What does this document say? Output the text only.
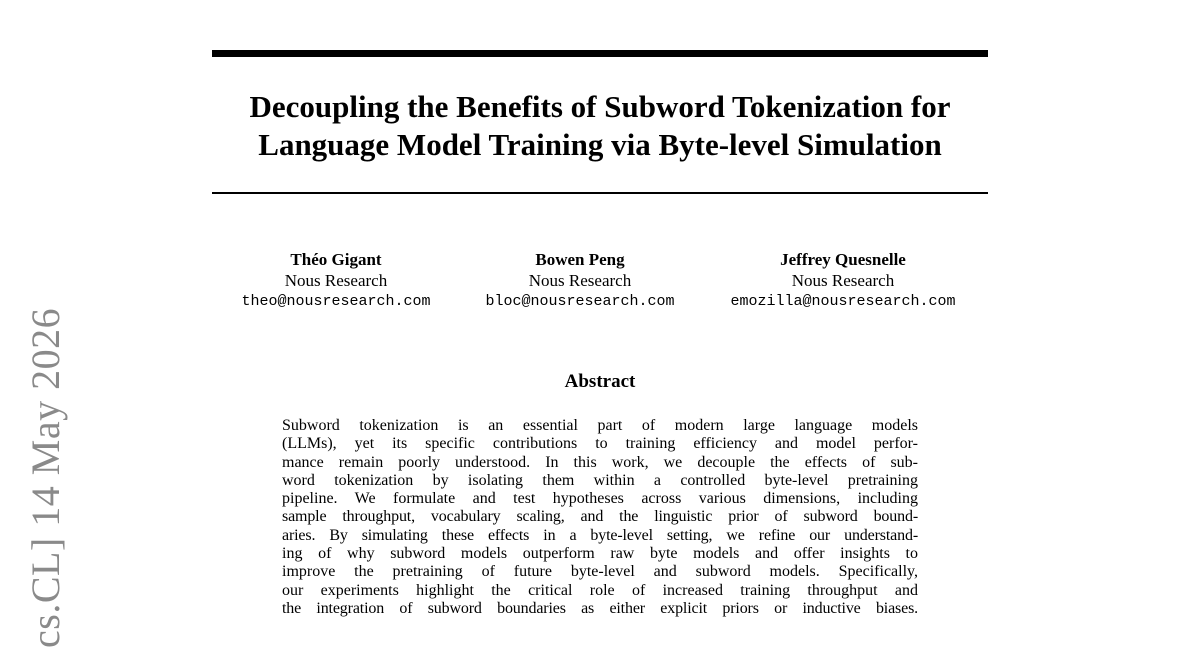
Decoupling the Benefits of Subword Tokenization for
Language Model Training via Byte-level Simulation
Théo Gigant
Nous Research
theo@nousresearch.com
Bowen Peng
Nous Research
bloc@nousresearch.com
Jeffrey Quesnelle
Nous Research
emozilla@nousresearch.com
Abstract
Subword tokenization is an essential part of modern large language models
(LLMs), yet its specific contributions to training efficiency and model perfor-
mance remain poorly understood. In this work, we decouple the effects of sub-
word tokenization by isolating them within a controlled byte-level pretraining
pipeline. We formulate and test hypotheses across various dimensions, including
sample throughput, vocabulary scaling, and the linguistic prior of subword bound-
aries. By simulating these effects in a byte-level setting, we refine our understand-
ing of why subword models outperform raw byte models and offer insights to
improve the pretraining of future byte-level and subword models. Specifically,
our experiments highlight the critical role of increased training throughput and
the integration of subword boundaries as either explicit priors or inductive biases.
cs.CL] 14 May 2026
